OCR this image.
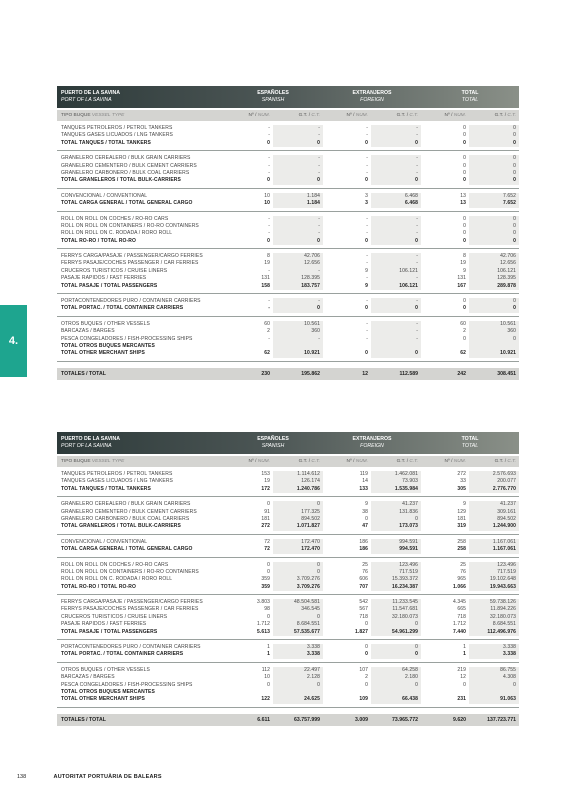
4.
PUERTO DE LA SAVINA
PORT OF LA SAVINA
ESPAÑOLES
SPANISH
EXTRANJEROS
FOREIGN
TOTAL
TOTAL
TIPO BUQUE VESSEL TYPE	Nº / NUM.	G.T. / C.T.	Nº / NUM.	G.T. / C.T.	Nº / NUM.	G.T. / C.T.
TANQUES PETROLEROS / PETROL TANKERS	-	-	-	-	0	0
TANQUES GASES LICUADOS / LNG TANKERS	-	-	-	-	0	0
TOTAL TANQUES / TOTAL TANKERS	0	0	0	0	0	0
GRANELERO CEREALERO / BULK GRAIN CARRIERS	-	-	-	-	0	0
GRANELERO CEMENTERO / BULK CEMENT CARRIERS	-	-	-	-	0	0
GRANELERO CARBONERO / BULK COAL CARRIERS	-	-	-	-	0	0
TOTAL GRANELEROS / TOTAL BULK-CARRIERS	0	0	0	0	0	0
CONVENCIONAL / CONVENTIONAL	10	1.184	3	6.468	13	7.652
TOTAL CARGA GENERAL / TOTAL GENERAL CARGO	10	1.184	3	6.468	13	7.652
ROLL ON ROLL ON COCHES / RO-RO CARS	-	-	-	-	0	0
ROLL ON ROLL ON CONTAINERS / RO-RO CONTAINERS	-	-	-	-	0	0
ROLL ON ROLL ON C. RODADA / RORO ROLL	-	-	-	-	0	0
TOTAL RO-RO / TOTAL RO-RO	0	0	0	0	0	0
FERRYS CARGA/PASAJE / PASSENGER/CARGO FERRIES	8	42.706	-	-	8	42.706
FERRYS PASAJE/COCHES PASSENGER / CAR FERRIES	19	12.656	-	-	19	12.656
CRUCEROS TURISTICOS / CRUISE LINERS	-	-	9	106.121	9	106.121
PASAJE RAPIDOS / FAST FERRIES	131	128.395	-	-	131	128.395
TOTAL PASAJE / TOTAL PASSENGERS	158	183.757	9	106.121	167	289.878
PORTACONTENEDORES PURO / CONTAINER CARRIERS	-	-	-	-	0	0
TOTAL PORTAC. / TOTAL CONTAINER CARRIERS	-	0	0	0	0	0
OTROS BUQUES / OTHER VESSELS	60	10.561	-	-	60	10.561
BARCAZAS / BARGES	2	360	-	-	2	360
PESCA CONGELADORES / FISH-PROCESSING SHIPS	-	-	-	-	0	0
TOTAL OTROS BUQUES MERCANTES
TOTAL OTHER MERCHANT SHIPS	62	10.921	0	0	62	10.921
TOTALES / TOTAL	230	195.862	12	112.589	242	308.451
PUERTO DE LA SAVINA
PORT OF LA SAVINA
ESPAÑOLES
SPANISH
EXTRANJEROS
FOREIGN
TOTAL
TOTAL
TIPO BUQUE VESSEL TYPE	Nº / NUM.	G.T. / C.T.	Nº / NUM.	G.T. / C.T.	Nº / NUM.	G.T. / C.T.
TANQUES PETROLEROS / PETROL TANKERS	153	1.114.612	119	1.462.081	272	2.576.693
TANQUES GASES LICUADOS / LNG TANKERS	19	126.174	14	73.903	33	200.077
TOTAL TANQUES / TOTAL TANKERS	172	1.240.786	133	1.535.984	305	2.776.770
GRANELERO CEREALERO / BULK GRAIN CARRIERS	0	0	9	41.237	9	41.237
GRANELERO CEMENTERO / BULK CEMENT CARRIERS	91	177.325	38	131.836	129	309.161
GRANELERO CARBONERO / BULK COAL CARRIERS	181	894.502	0	0	181	894.502
TOTAL GRANELEROS / TOTAL BULK-CARRIERS	272	1.071.827	47	173.073	319	1.244.900
CONVENCIONAL / CONVENTIONAL	72	172.470	186	994.591	258	1.167.061
TOTAL CARGA GENERAL / TOTAL GENERAL CARGO	72	172.470	186	994.591	258	1.167.061
ROLL ON ROLL ON COCHES / RO-RO CARS	0	0	25	123.496	25	123.496
ROLL ON ROLL ON CONTAINERS / RO-RO CONTAINERS	0	0	76	717.519	76	717.519
ROLL ON ROLL ON C. RODADA / RORO ROLL	359	3.709.276	606	15.393.372	965	19.102.648
TOTAL RO-RO / TOTAL RO-RO	359	3.709.276	707	16.234.387	1.066	19.943.663
FERRYS CARGA/PASAJE / PASSENGER/CARGO FERRIES	3.803	48.504.581	542	11.233.545	4.345	59.738.126
FERRYS PASAJE/COCHES PASSENGER / CAR FERRIES	98	346.545	567	11.547.681	665	11.894.226
CRUCEROS TURISTICOS / CRUISE LINERS	0	0	718	32.180.073	718	32.180.073
PASAJE RAPIDOS / FAST FERRIES	1.712	8.684.551	0	0	1.712	8.684.551
TOTAL PASAJE / TOTAL PASSENGERS	5.613	57.535.677	1.827	54.961.299	7.440	112.496.976
PORTACONTENEDORES PURO / CONTAINER CARRIERS	1	3.338	0	0	1	3.338
TOTAL PORTAC. / TOTAL CONTAINER CARRIERS	1	3.338	0	0	1	3.338
OTROS BUQUES / OTHER VESSELS	112	22.497	107	64.258	219	86.755
BARCAZAS / BARGES	10	2.128	2	2.180	12	4.308
PESCA CONGELADORES / FISH-PROCESSING SHIPS	0	0	0	0	0	0
TOTAL OTROS BUQUES MERCANTES
TOTAL OTHER MERCHANT SHIPS	122	24.625	109	66.438	231	91.063
TOTALES / TOTAL	6.611	63.757.999	3.009	73.965.772	9.620	137.723.771
138	AUTORITAT PORTUÀRIA DE BALEARS
